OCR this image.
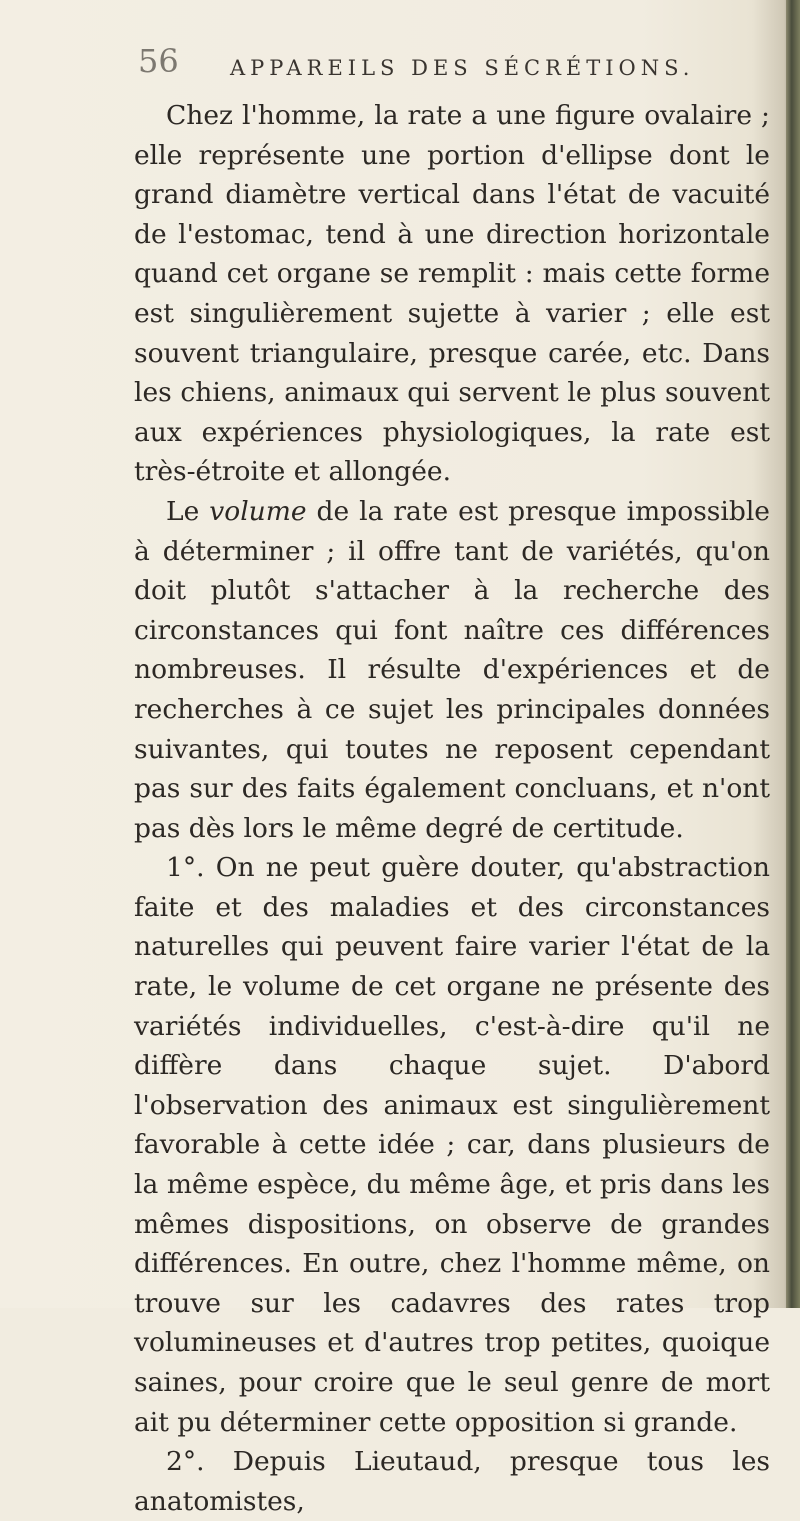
56 APPAREILS DES SÉCRÉTIONS.

Chez l'homme, la rate a une figure ovalaire ; elle représente une portion d'ellipse dont le grand diamètre vertical dans l'état de vacuité de l'estomac, tend à une direction horizontale quand cet organe se remplit : mais cette forme est singulièrement sujette à varier ; elle est souvent triangulaire, presque carée, etc. Dans les chiens, animaux qui servent le plus souvent aux expériences physiologiques, la rate est très-étroite et allongée.

Le volume de la rate est presque impossible à déterminer ; il offre tant de variétés, qu'on doit plutôt s'attacher à la recherche des circonstances qui font naître ces différences nombreuses. Il résulte d'expériences et de recherches à ce sujet les principales données suivantes, qui toutes ne reposent cependant pas sur des faits également concluans, et n'ont pas dès lors le même degré de certitude.

1°. On ne peut guère douter, qu'abstraction faite et des maladies et des circonstances naturelles qui peuvent faire varier l'état de la rate, le volume de cet organe ne présente des variétés individuelles, c'est-à-dire qu'il ne diffère dans chaque sujet. D'abord l'observation des animaux est singulièrement favorable à cette idée ; car, dans plusieurs de la même espèce, du même âge, et pris dans les mêmes dispositions, on observe de grandes différences. En outre, chez l'homme même, on trouve sur les cadavres des rates trop volumineuses et d'autres trop petites, quoique saines, pour croire que le seul genre de mort ait pu déterminer cette opposition si grande.

2°. Depuis Lieutaud, presque tous les anatomistes,
